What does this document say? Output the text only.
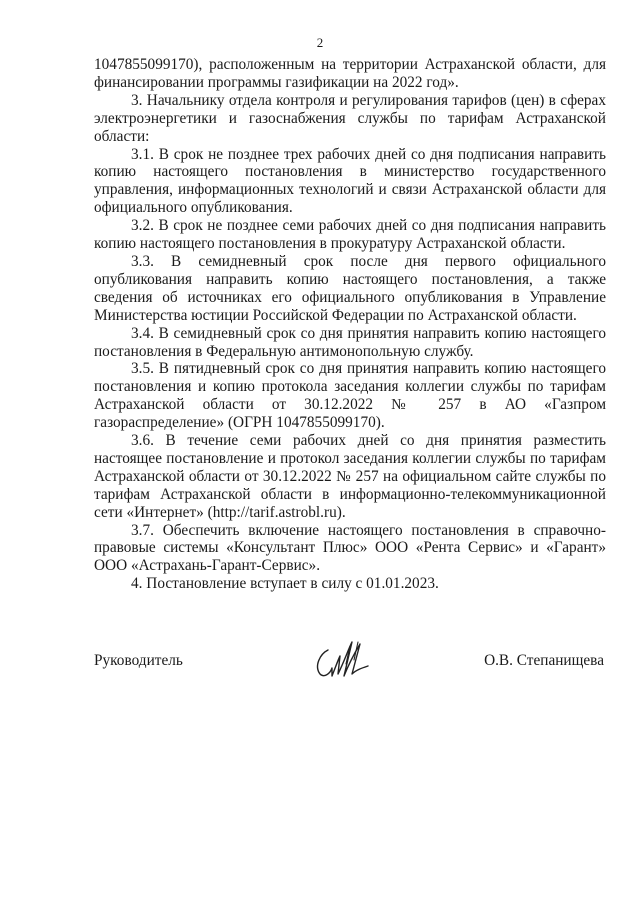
2

1047855099170), расположенным на территории Астраханской области, для финансировании программы газификации на 2022 год».

3. Начальнику отдела контроля и регулирования тарифов (цен) в сферах электроэнергетики и газоснабжения службы по тарифам Астраханской области:

3.1. В срок не позднее трех рабочих дней со дня подписания направить копию настоящего постановления в министерство государственного управления, информационных технологий и связи Астраханской области для официального опубликования.

3.2. В срок не позднее семи рабочих дней со дня подписания направить копию настоящего постановления в прокуратуру Астраханской области.

3.3. В семидневный срок после дня первого официального опубликования направить копию настоящего постановления, а также сведения об источниках его официального опубликования в Управление Министерства юстиции Российской Федерации по Астраханской области.

3.4. В семидневный срок со дня принятия направить копию настоящего постановления в Федеральную антимонопольную службу.

3.5. В пятидневный срок со дня принятия направить копию настоящего постановления и копию протокола заседания коллегии службы по тарифам Астраханской области от 30.12.2022 № 257 в АО «Газпром газораспределение» (ОГРН 1047855099170).

3.6. В течение семи рабочих дней со дня принятия разместить настоящее постановление и протокол заседания коллегии службы по тарифам Астраханской области от 30.12.2022 № 257 на официальном сайте службы по тарифам Астраханской области в информационно-телекоммуникационной сети «Интернет» (http://tarif.astrobl.ru).

3.7. Обеспечить включение настоящего постановления в справочно-правовые системы «Консультант Плюс» ООО «Рента Сервис» и «Гарант» ООО «Астрахань-Гарант-Сервис».

4. Постановление вступает в силу с 01.01.2023.

Руководитель	О.В. Степанищева
